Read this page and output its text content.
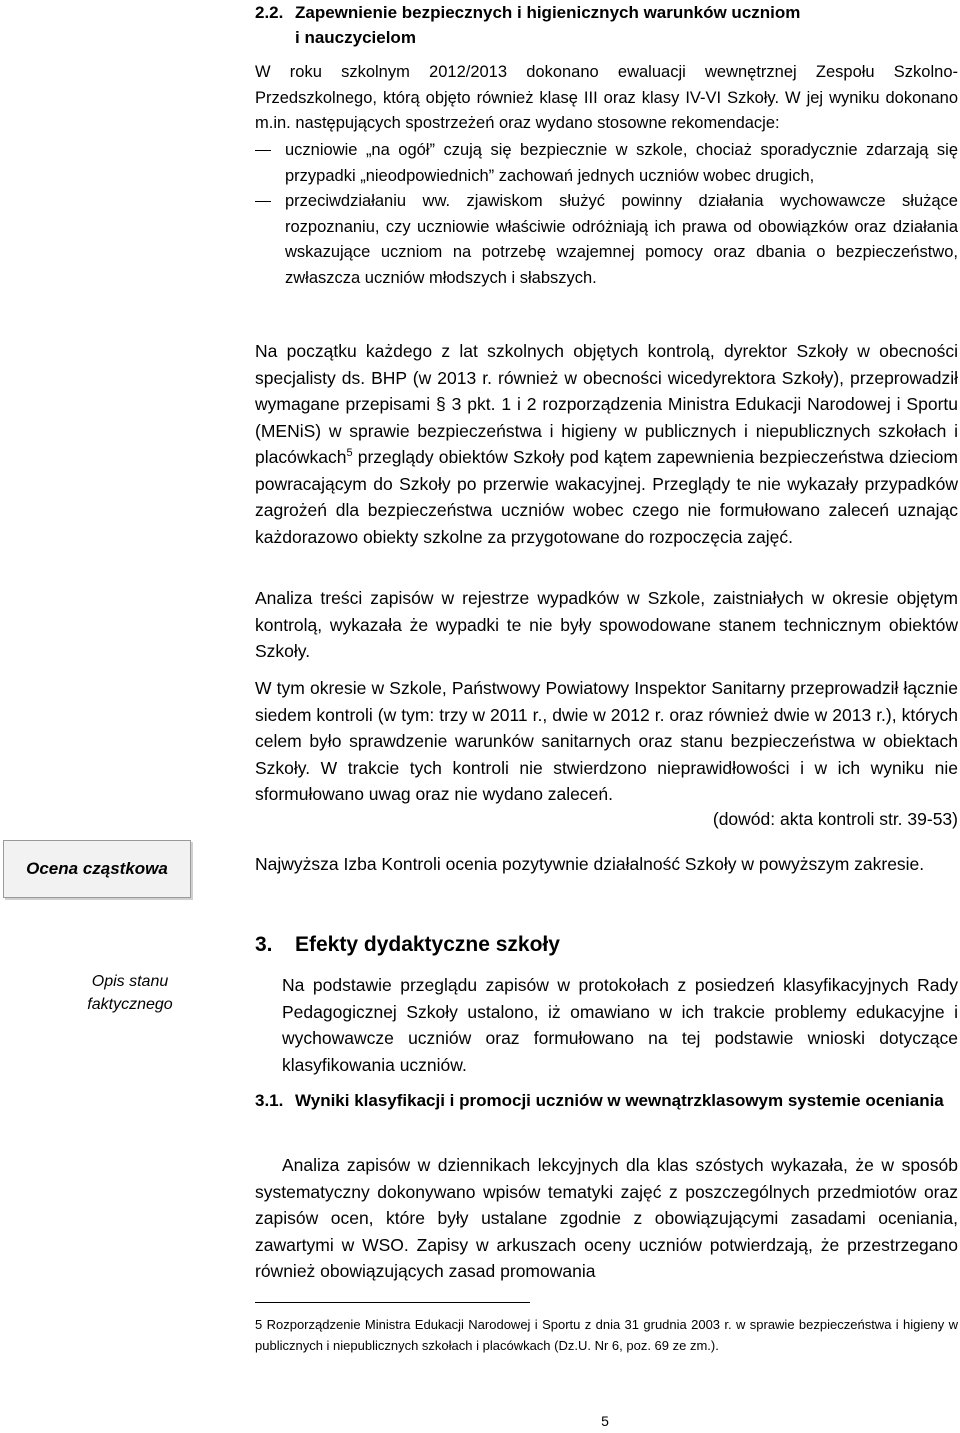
2.2. Zapewnienie bezpiecznych i higienicznych warunków uczniom
i nauczycielom
W roku szkolnym 2012/2013 dokonano ewaluacji wewnętrznej Zespołu Szkolno-Przedszkolnego, którą objęto również klasę III oraz klasy IV-VI Szkoły. W jej wyniku dokonano m.in. następujących spostrzeżeń oraz wydano stosowne rekomendacje:
uczniowie „na ogół” czują się bezpiecznie w szkole, chociaż sporadycznie zdarzają się przypadki „nieodpowiednich” zachowań jednych uczniów wobec drugich,
przeciwdziałaniu ww. zjawiskom służyć powinny działania wychowawcze służące rozpoznaniu, czy uczniowie właściwie odróżniają ich prawa od obowiązków oraz działania wskazujące uczniom na potrzebę wzajemnej pomocy oraz dbania o bezpieczeństwo, zwłaszcza uczniów młodszych i słabszych.
Na początku każdego z lat szkolnych objętych kontrolą, dyrektor Szkoły w obecności specjalisty ds. BHP (w 2013 r. również w obecności wicedyrektora Szkoły), przeprowadził wymagane przepisami § 3 pkt. 1 i 2 rozporządzenia Ministra Edukacji Narodowej i Sportu (MENiS) w sprawie bezpieczeństwa i higieny w publicznych i niepublicznych szkołach i placówkach$^5$ przeglądy obiektów Szkoły pod kątem zapewnienia bezpieczeństwa dzieciom powracającym do Szkoły po przerwie wakacyjnej. Przeglądy te nie wykazały przypadków zagrożeń dla bezpieczeństwa uczniów wobec czego nie formułowano zaleceń uznając każdorazowo obiekty szkolne za przygotowane do rozpoczęcia zajęć.
Analiza treści zapisów w rejestrze wypadków w Szkole, zaistniałych w okresie objętym kontrolą, wykazała że wypadki te nie były spowodowane stanem technicznym obiektów Szkoły.
W tym okresie w Szkole, Państwowy Powiatowy Inspektor Sanitarny przeprowadził łącznie siedem kontroli (w tym: trzy w 2011 r., dwie w 2012 r. oraz również dwie w 2013 r.), których celem było sprawdzenie warunków sanitarnych oraz stanu bezpieczeństwa w obiektach Szkoły. W trakcie tych kontroli nie stwierdzono nieprawidłowości i w ich wyniku nie sformułowano uwag oraz nie wydano zaleceń.
(dowód: akta kontroli str. 39-53)
Ocena cząstkowa	Najwyższa Izba Kontroli ocenia pozytywnie działalność Szkoły w powyższym zakresie.
3. Efekty dydaktyczne szkoły
Opis stanu faktycznego
Na podstawie przeglądu zapisów w protokołach z posiedzeń klasyfikacyjnych Rady Pedagogicznej Szkoły ustalono, iż omawiano w ich trakcie problemy edukacyjne i wychowawcze uczniów oraz formułowano na tej podstawie wnioski dotyczące klasyfikowania uczniów.
3.1. Wyniki klasyfikacji i promocji uczniów w wewnątrzklasowym systemie oceniania
Analiza zapisów w dziennikach lekcyjnych dla klas szóstych wykazała, że w sposób systematyczny dokonywano wpisów tematyki zajęć z poszczególnych przedmiotów oraz zapisów ocen, które były ustalane zgodnie z obowiązującymi zasadami oceniania, zawartymi w WSO. Zapisy w arkuszach oceny uczniów potwierdzają, że przestrzegano również obowiązujących zasad promowania
5 Rozporządzenie Ministra Edukacji Narodowej i Sportu z dnia 31 grudnia 2003 r. w sprawie bezpieczeństwa i higieny w publicznych i niepublicznych szkołach i placówkach (Dz.U. Nr 6, poz. 69 ze zm.).
5
